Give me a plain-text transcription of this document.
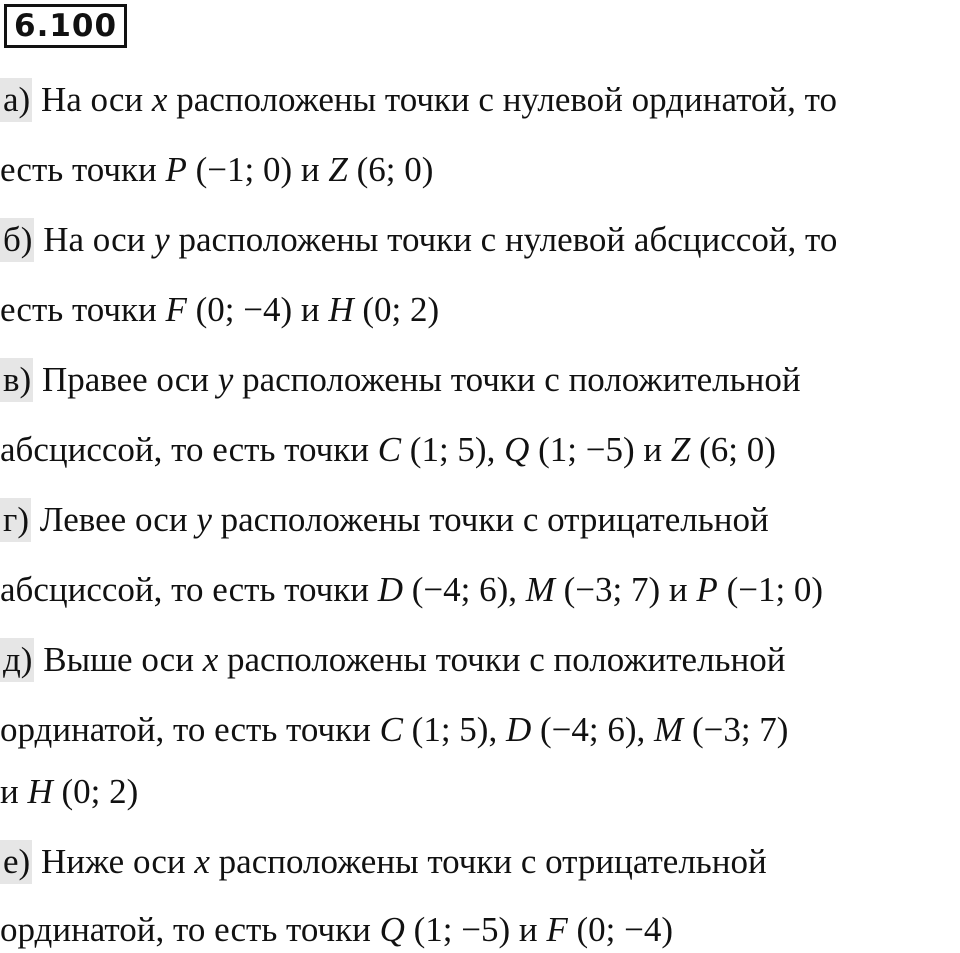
6.100
а) На оси x расположены точки с нулевой ординатой, то
есть точки P (−1; 0) и Z (6; 0)
б) На оси y расположены точки с нулевой абсциссой, то
есть точки F (0; −4) и H (0; 2)
в) Правее оси y расположены точки с положительной
абсциссой, то есть точки C (1; 5), Q (1; −5) и Z (6; 0)
г) Левее оси y расположены точки с отрицательной
абсциссой, то есть точки D (−4; 6), M (−3; 7) и P (−1; 0)
д) Выше оси x расположены точки с положительной
ординатой, то есть точки C (1; 5), D (−4; 6), M (−3; 7)
и H (0; 2)
е) Ниже оси x расположены точки с отрицательной
ординатой, то есть точки Q (1; −5) и F (0; −4)
